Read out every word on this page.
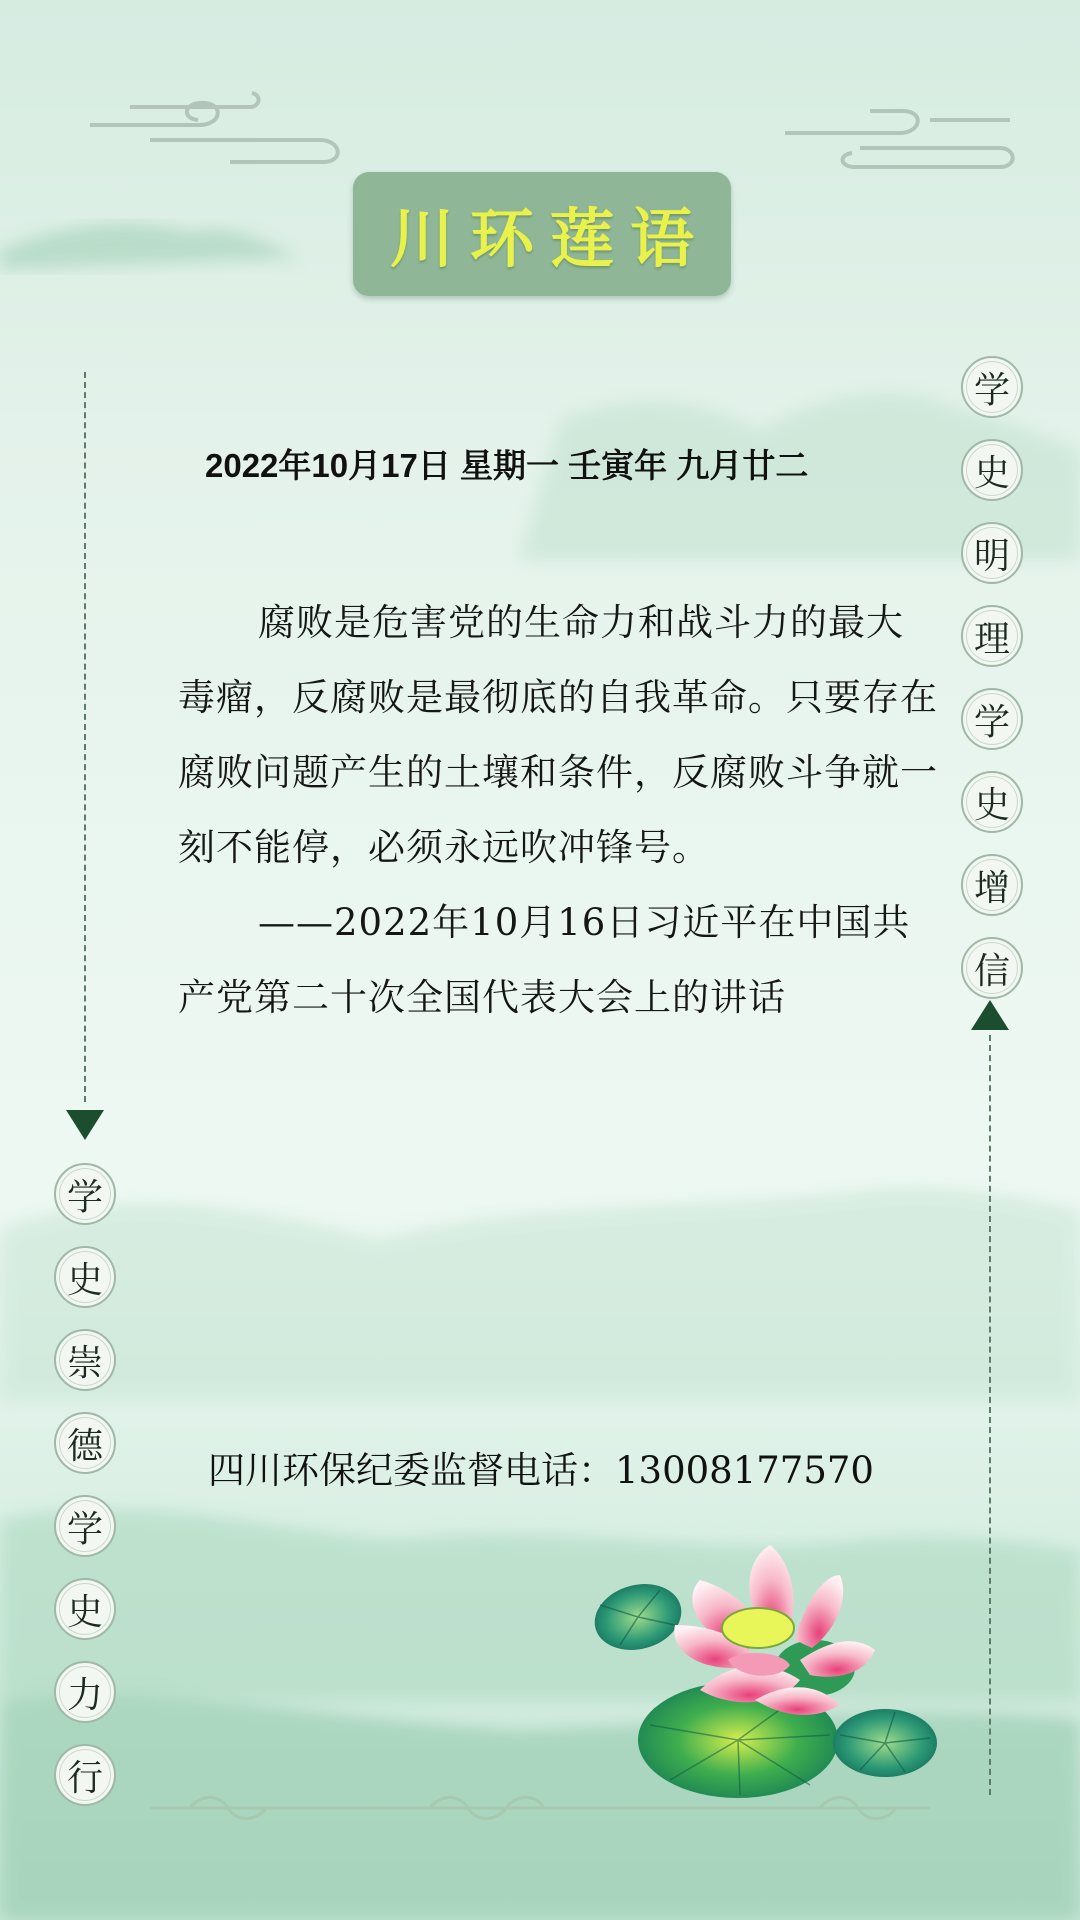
川环莲语
2022年10月17日 星期一 壬寅年 九月廿二

腐败是危害党的生命力和战斗力的最大毒瘤，反腐败是最彻底的自我革命。只要存在腐败问题产生的土壤和条件，反腐败斗争就一刻不能停，必须永远吹冲锋号。

——2022年10月16日习近平在中国共产党第二十次全国代表大会上的讲话

四川环保纪委监督电话：13008177570
学
史
明
理
学
史
增
信
学
史
崇
德
学
史
力
行
